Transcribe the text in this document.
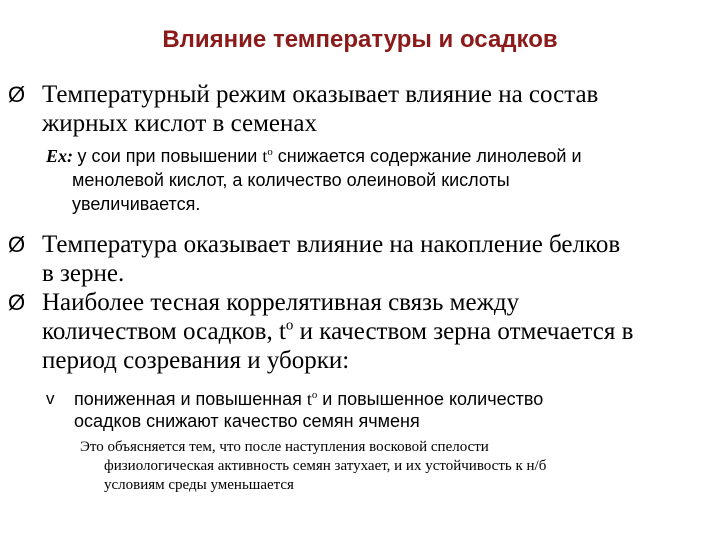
Влияние температуры и осадков
Ø Температурный режим оказывает влияние на состав
жирных кислот в семенах
Ex: у сои при повышении $t^o$ снижается содержание линолевой и
менолевой кислот, а количество олеиновой кислоты
увеличивается.
Ø Температура оказывает влияние на накопление белков
в зерне.
Ø Наиболее тесная коррелятивная связь между
количеством осадков, $t^o$ и качеством зерна отмечается в
период созревания и уборки:
v пониженная и повышенная $t^o$ и повышенное количество
осадков снижают качество семян ячменя
Это объясняется тем, что после наступления восковой спелости
физиологическая активность семян затухает, и их устойчивость к н/б
условиям среды уменьшается
